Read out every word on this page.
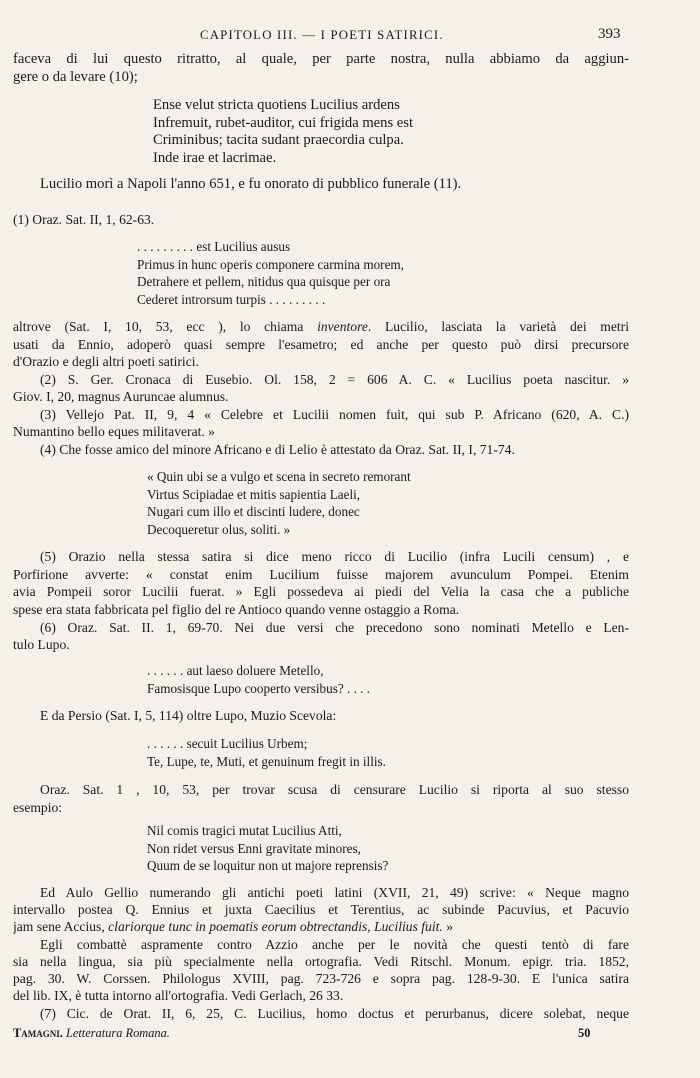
CAPITOLO III. — I POETI SATIRICI.	393
faceva di lui questo ritratto, al quale, per parte nostra, nulla abbiamo da aggiun-
gere o da levare (10);
Ense velut stricta quotiens Lucilius ardens
Infremuit, rubet-auditor, cui frigida mens est
Criminibus; tacita sudant praecordia culpa.
Inde irae et lacrimae.
Lucilio morì a Napoli l'anno 651, e fu onorato di pubblico funerale (11).
(1) Oraz. Sat. II, 1, 62-63.
. . . . . . . . . est Lucilius ausus
Primus in hunc operis componere carmina morem,
Detrahere et pellem, nitidus qua quisque per ora
Cederet introrsum turpis . . . . . . . . .
altrove (Sat. I, 10, 53, ecc ), lo chiama inventore. Lucilio, lasciata la varietà dei metri
usati da Ennio, adoperò quasi sempre l'esametro; ed anche per questo può dirsi precursore
d'Orazio e degli altri poeti satirici.
(2) S. Ger. Cronaca di Eusebio. Ol. 158, 2 = 606 A. C. « Lucilius poeta nascitur. »
Giov. I, 20, magnus Auruncae alumnus.
(3) Vellejo Pat. II, 9, 4 « Celebre et Lucilii nomen fuit, qui sub P. Africano (620, A. C.)
Numantino bello eques militaverat. »
(4) Che fosse amico del minore Africano e di Lelio è attestato da Oraz. Sat. II, I, 71-74.
« Quin ubi se a vulgo et scena in secreto remorant
Virtus Scipiadae et mitis sapientia Laeli,
Nugari cum illo et discinti ludere, donec
Decoqueretur olus, soliti. »
(5) Orazio nella stessa satira si dice meno ricco di Lucilio (infra Lucili censum) , e
Porfirione avverte: « constat enim Lucilium fuisse majorem avunculum Pompei. Etenim
avia Pompeii soror Lucilii fuerat. » Egli possedeva ai piedi del Velia la casa che a publiche
spese era stata fabbricata pel figlio del re Antioco quando venne ostaggio a Roma.
(6) Oraz. Sat. II. 1, 69-70. Nei due versi che precedono sono nominati Metello e Len-
tulo Lupo.
. . . . . . aut laeso doluere Metello,
Famosisque Lupo cooperto versibus? . . . .
E da Persio (Sat. I, 5, 114) oltre Lupo, Muzio Scevola:
. . . . . . secuit Lucilius Urbem;
Te, Lupe, te, Muti, et genuinum fregit in illis.
Oraz. Sat. 1 , 10, 53, per trovar scusa di censurare Lucilio si riporta al suo stesso
esempio:
Nil comis tragici mutat Lucilius Atti,
Non ridet versus Enni gravitate minores,
Quum de se loquitur non ut majore reprensis?
Ed Aulo Gellio numerando gli antichi poeti latini (XVII, 21, 49) scrive: « Neque magno
intervallo postea Q. Ennius et juxta Caecilius et Terentius, ac subinde Pacuvius, et Pacuvio
jam sene Accius, clariorque tunc in poematis eorum obtrectandis, Lucilius fuit. »
Egli combattè aspramente contro Azzio anche per le novità che questi tentò di fare
sia nella lingua, sia più specialmente nella ortografia. Vedi Ritschl. Monum. epigr. tria. 1852,
pag. 30. W. Corssen. Philologus XVIII, pag. 723-726 e sopra pag. 128-9-30. E l'unica satira
del lib. IX, è tutta intorno all'ortografia. Vedi Gerlach, 26 33.
(7) Cic. de Orat. II, 6, 25, C. Lucilius, homo doctus et perurbanus, dicere solebat, neque
Tamagni. Letteratura Romana.	50
